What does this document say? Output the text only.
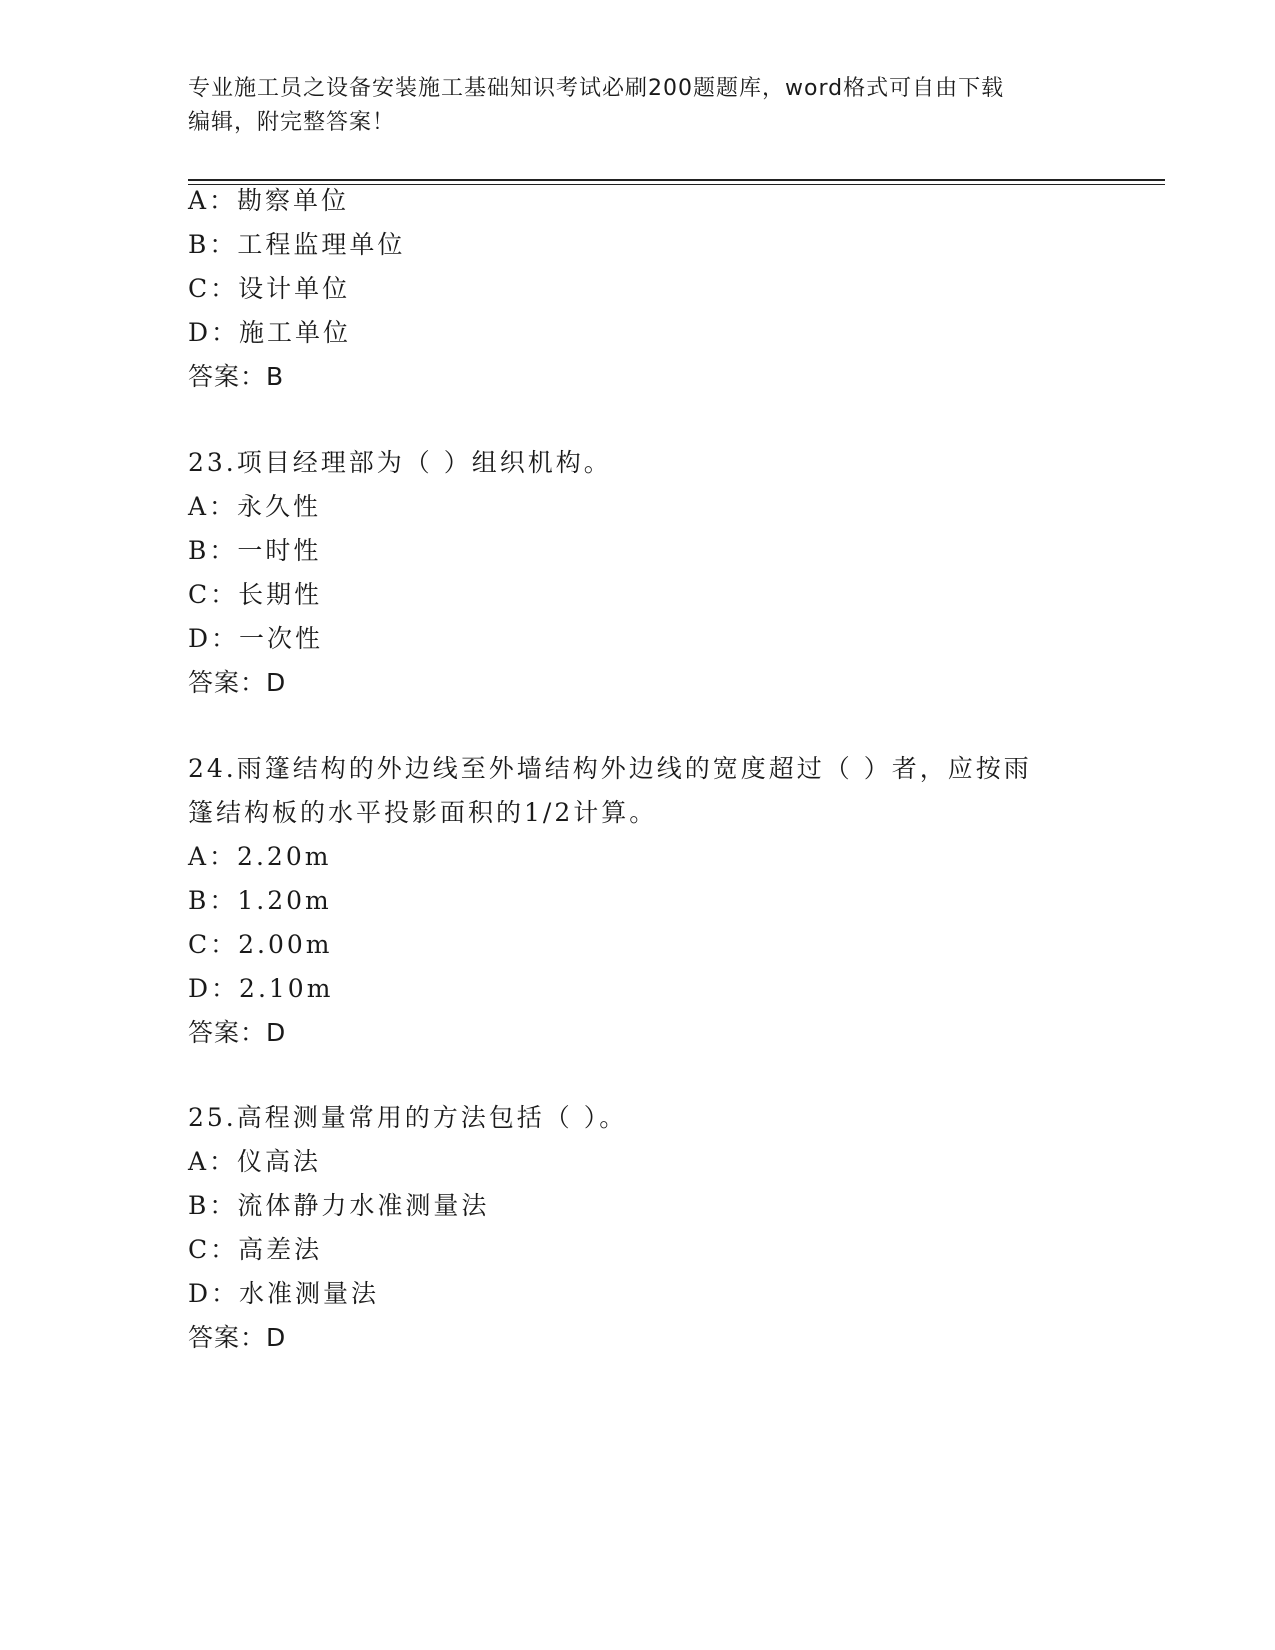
专业施工员之设备安装施工基础知识考试必刷200题题库，word格式可自由下载
编辑，附完整答案！
A：勘察单位
B：工程监理单位
C：设计单位
D：施工单位
答案：B
23.项目经理部为（ ）组织机构。
A：永久性
B：一时性
C：长期性
D：一次性
答案：D
24.雨篷结构的外边线至外墙结构外边线的宽度超过（ ）者，应按雨
篷结构板的水平投影面积的1/2计算。
A：2.20m
B：1.20m
C：2.00m
D：2.10m
答案：D
25.高程测量常用的方法包括（ ）。
A：仪高法
B：流体静力水准测量法
C：高差法
D：水准测量法
答案：D
